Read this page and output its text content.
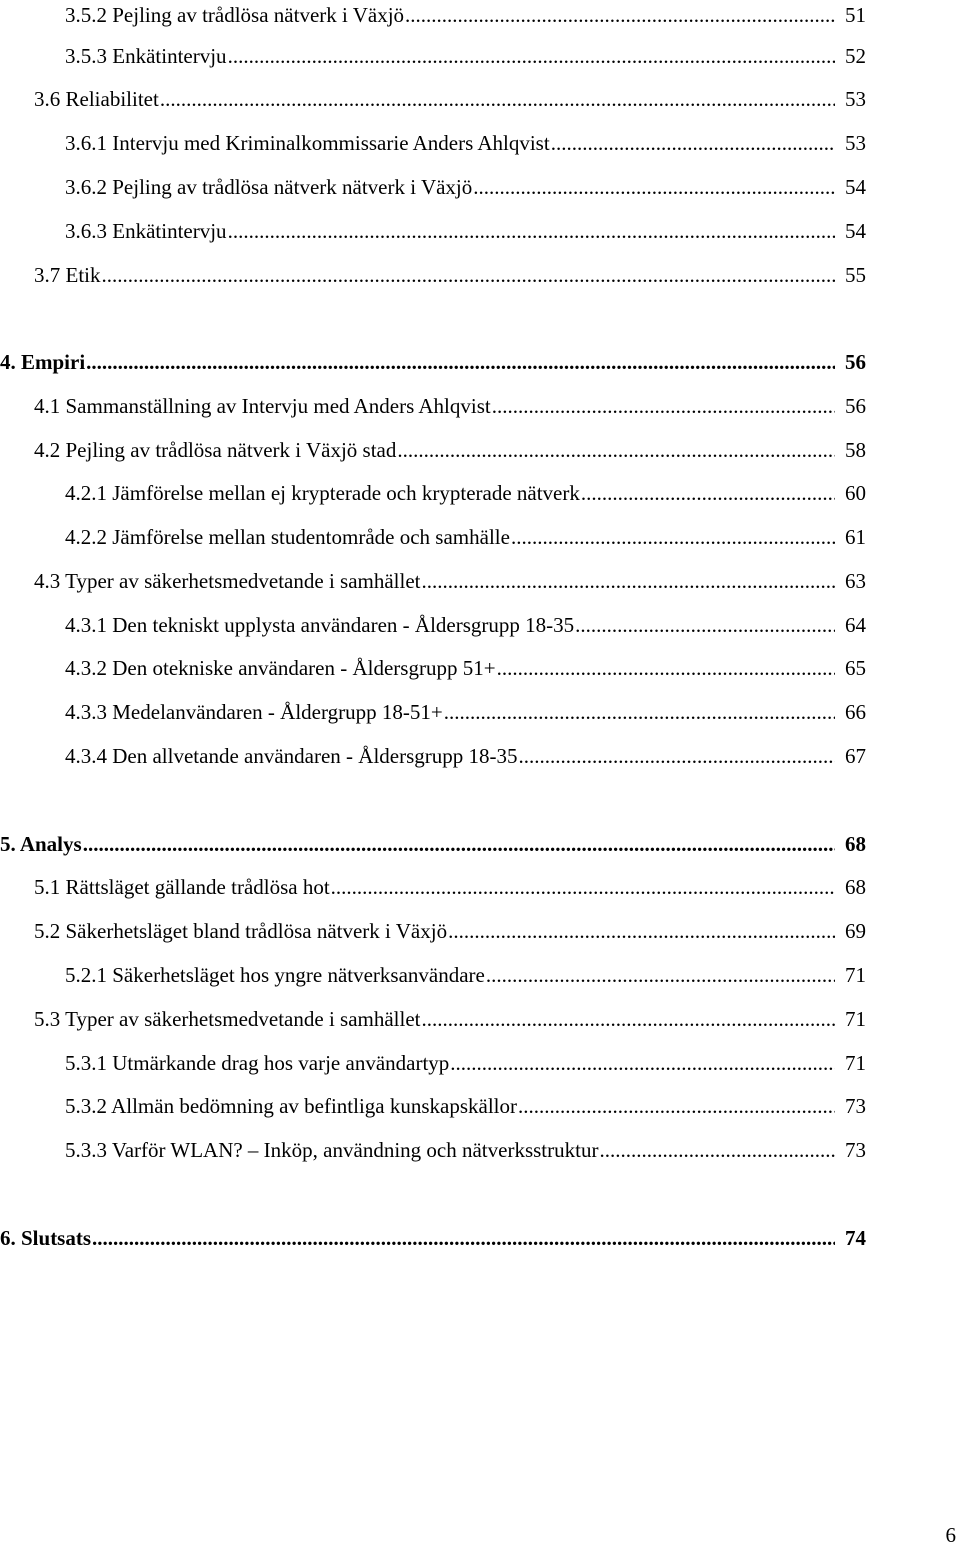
3.5.2 Pejling av trådlösa nätverk i Växjö .....	51
3.5.3 Enkätintervju .....	52
3.6 Reliabilitet .....	53
3.6.1 Intervju med Kriminalkommissarie Anders Ahlqvist .....	53
3.6.2 Pejling av trådlösa nätverk nätverk i Växjö .....	54
3.6.3 Enkätintervju .....	54
3.7 Etik .....	55
4. Empiri .....	56
4.1 Sammanställning av Intervju med Anders Ahlqvist .....	56
4.2 Pejling av trådlösa nätverk i Växjö stad .....	58
4.2.1 Jämförelse mellan ej krypterade och krypterade nätverk .....	60
4.2.2 Jämförelse mellan studentområde och samhälle .....	61
4.3 Typer av säkerhetsmedvetande i samhället .....	63
4.3.1 Den tekniskt upplysta användaren - Åldersgrupp 18-35 .....	64
4.3.2 Den otekniske användaren - Åldersgrupp 51+ .....	65
4.3.3 Medelanvändaren - Åldergrupp 18-51+ .....	66
4.3.4 Den allvetande användaren - Åldersgrupp 18-35 .....	67
5. Analys .....	68
5.1 Rättsläget gällande trådlösa hot .....	68
5.2 Säkerhetsläget bland trådlösa nätverk i Växjö .....	69
5.2.1 Säkerhetsläget hos yngre nätverksanvändare .....	71
5.3 Typer av säkerhetsmedvetande i samhället .....	71
5.3.1 Utmärkande drag hos varje användartyp .....	71
5.3.2 Allmän bedömning av befintliga kunskapskällor .....	73
5.3.3 Varför WLAN? – Inköp, användning och nätverksstruktur .....	73
6. Slutsats .....	74
6
